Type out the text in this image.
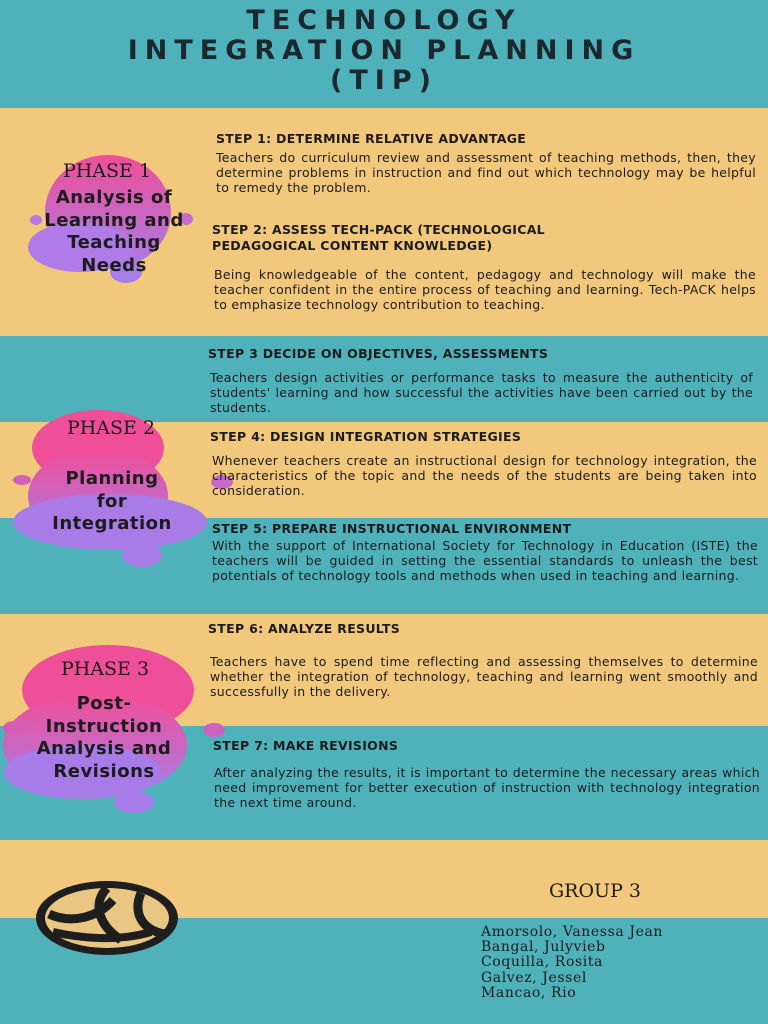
TECHNOLOGY
INTEGRATION PLANNING
(TIP)
PHASE 1
Analysis of
Learning and
Teaching
Needs
PHASE 2
Planning
for
Integration
PHASE 3
Post-
Instruction
Analysis and
Revisions
STEP 1: DETERMINE RELATIVE ADVANTAGE
Teachers do curriculum review and assessment of teaching methods, then, they determine problems in instruction and find out which technology may be helpful to remedy the problem.
STEP 2: ASSESS TECH-PACK (TECHNOLOGICAL
PEDAGOGICAL CONTENT KNOWLEDGE)
Being knowledgeable of the content, pedagogy and technology will make the teacher confident in the entire process of teaching and learning. Tech-PACK helps to emphasize technology contribution to teaching.
STEP 3 DECIDE ON OBJECTIVES, ASSESSMENTS
Teachers design activities or performance tasks to measure the authenticity of students' learning and how successful the activities have been carried out by the students.
STEP 4: DESIGN INTEGRATION STRATEGIES
Whenever teachers create an instructional design for technology integration, the characteristics of the topic and the needs of the students are being taken into consideration.
STEP 5: PREPARE INSTRUCTIONAL ENVIRONMENT
With the support of International Society for Technology in Education (ISTE) the teachers will be guided in setting the essential standards to unleash the best potentials of technology tools and methods when used in teaching and learning.
STEP 6: ANALYZE RESULTS
Teachers have to spend time reflecting and assessing themselves to determine whether the integration of technology, teaching and learning went smoothly and successfully in the delivery.
STEP 7: MAKE REVISIONS
After analyzing the results, it is important to determine the necessary areas which need improvement for better execution of instruction with technology integration the next time around.
GROUP 3
Amorsolo, Vanessa Jean
Bangal, Julyvieb
Coquilla, Rosita
Galvez, Jessel
Mancao, Rio
